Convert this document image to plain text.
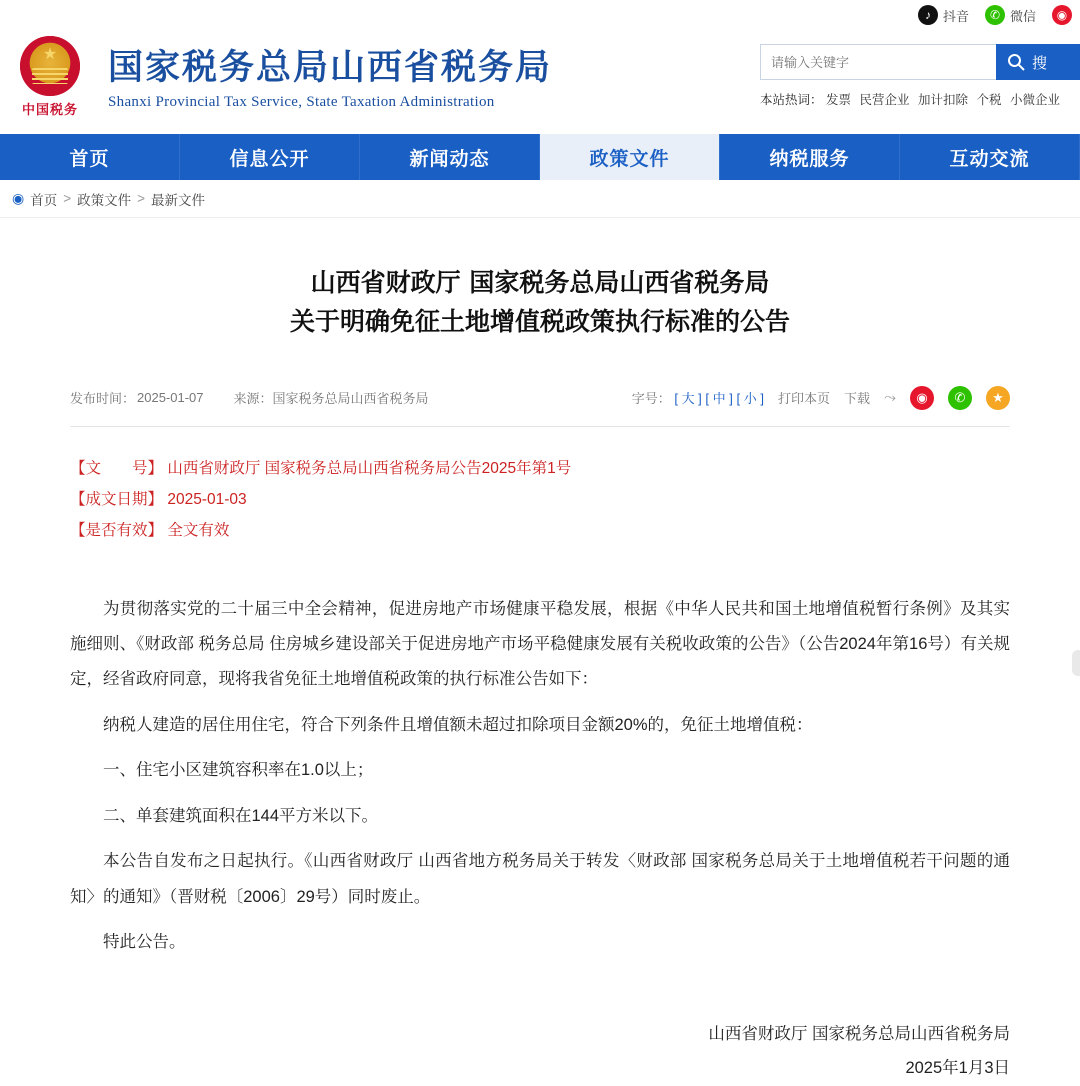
♪ 抖音	✆ 微信	◉
★
中国税务
国家税务总局山西省税务局
Shanxi Provincial Tax Service, State Taxation Administration
请输入关键字
搜
本站热词： 发票 民营企业 加计扣除 个税 小微企业
首页	信息公开	新闻动态	政策文件	纳税服务	互动交流
◉ 首页 > 政策文件 > 最新文件
山西省财政厅 国家税务总局山西省税务局
关于明确免征土地增值税政策执行标准的公告
发布时间： 2025-01-07 来源： 国家税务总局山西省税务局	字号： [ 大 ] [ 中 ] [ 小 ] 打印本页 下载 ⤳	◉	✆	★
【文　　号】 山西省财政厅 国家税务总局山西省税务局公告2025年第1号
【成文日期】 2025-01-03
【是否有效】 全文有效

为贯彻落实党的二十届三中全会精神，促进房地产市场健康平稳发展，根据《中华人民共和国土地增值税暂行条例》及其实施细则、《财政部 税务总局 住房城乡建设部关于促进房地产市场平稳健康发展有关税收政策的公告》（公告2024年第16号）有关规定，经省政府同意，现将我省免征土地增值税政策的执行标准公告如下：

纳税人建造的居住用住宅，符合下列条件且增值额未超过扣除项目金额20%的，免征土地增值税：

一、住宅小区建筑容积率在1.0以上；

二、单套建筑面积在144平方米以下。

本公告自发布之日起执行。《山西省财政厅 山西省地方税务局关于转发〈财政部 国家税务总局关于土地增值税若干问题的通知〉的通知》（晋财税〔2006〕29号）同时废止。

特此公告。

山西省财政厅 国家税务总局山西省税务局
2025年1月3日
